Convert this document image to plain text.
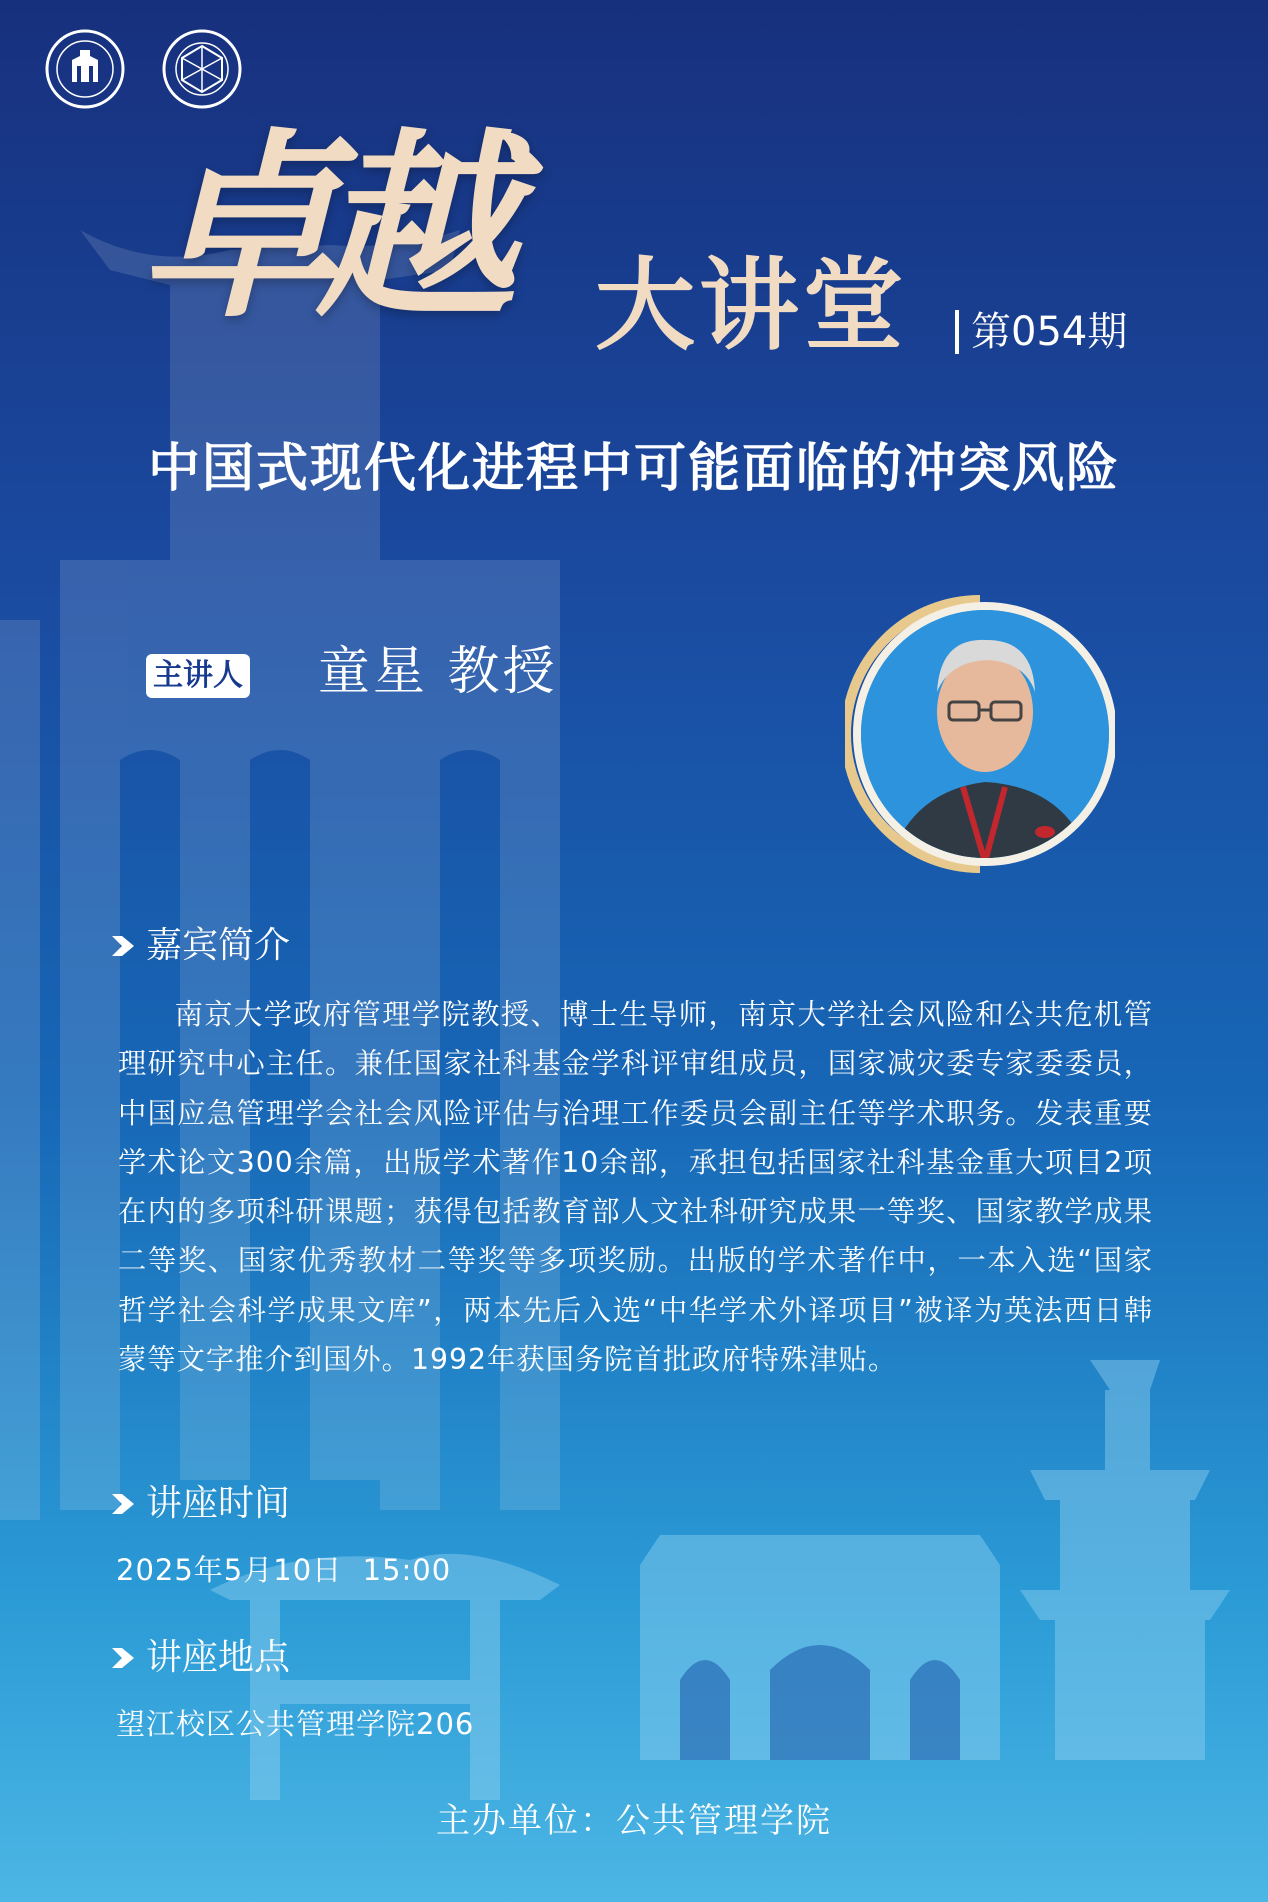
卓越 大讲堂 第054期
中国式现代化进程中可能面临的冲突风险
主讲人 童星 教授
嘉宾简介

南京大学政府管理学院教授、博士生导师，南京大学社会风险和公共危机管理研究中心主任。兼任国家社科基金学科评审组成员，国家减灾委专家委委员，中国应急管理学会社会风险评估与治理工作委员会副主任等学术职务。发表重要学术论文300余篇，出版学术著作10余部，承担包括国家社科基金重大项目2项在内的多项科研课题；获得包括教育部人文社科研究成果一等奖、国家教学成果二等奖、国家优秀教材二等奖等多项奖励。出版的学术著作中，一本入选“国家哲学社会科学成果文库”，两本先后入选“中华学术外译项目”被译为英法西日韩蒙等文字推介到国外。1992年获国务院首批政府特殊津贴。

讲座时间
2025年5月10日  15:00
讲座地点
望江校区公共管理学院206
主办单位：公共管理学院
